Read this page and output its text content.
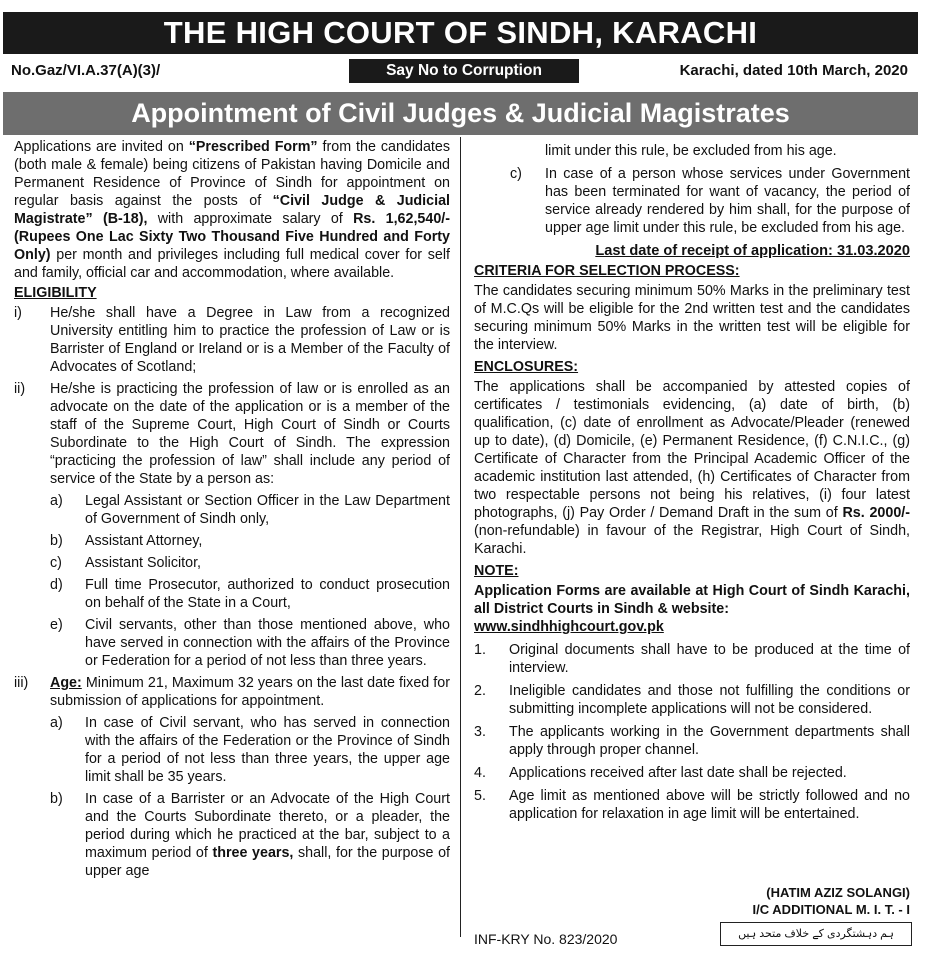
THE HIGH COURT OF SINDH, KARACHI
No.Gaz/VI.A.37(A)(3)/	Say No to Corruption	Karachi, dated 10th March, 2020
Appointment of Civil Judges & Judicial Magistrates

Applications are invited on “Prescribed Form” from the candidates (both male & female) being citizens of Pakistan having Domicile and Permanent Residence of Province of Sindh for appointment on regular basis against the posts of “Civil Judge & Judicial Magistrate” (B-18), with approximate salary of Rs. 1,62,540/- (Rupees One Lac Sixty Two Thousand Five Hundred and Forty Only) per month and privileges including full medical cover for self and family, official car and accommodation, where available.

ELIGIBILITY

i) He/she shall have a Degree in Law from a recognized University entitling him to practice the profession of Law or is Barrister of England or Ireland or is a Member of the Faculty of Advocates of Scotland;
ii) He/she is practicing the profession of law or is enrolled as an advocate on the date of the application or is a member of the staff of the Supreme Court, High Court of Sindh or Courts Subordinate to the High Court of Sindh. The expression “practicing the profession of law” shall include any period of service of the State by a person as:
a) Legal Assistant or Section Officer in the Law Department of Government of Sindh only,
b) Assistant Attorney,
c) Assistant Solicitor,
d) Full time Prosecutor, authorized to conduct prosecution on behalf of the State in a Court,
e) Civil servants, other than those mentioned above, who have served in connection with the affairs of the Province or Federation for a period of not less than three years.
iii) Age: Minimum 21, Maximum 32 years on the last date fixed for submission of applications for appointment.
a) In case of Civil servant, who has served in connection with the affairs of the Federation or the Province of Sindh for a period of not less than three years, the upper age limit shall be 35 years.
b) In case of a Barrister or an Advocate of the High Court and the Courts Subordinate thereto, or a pleader, the period during which he practiced at the bar, subject to a maximum period of three years, shall, for the purpose of upper age

limit under this rule, be excluded from his age.

c) In case of a person whose services under Government has been terminated for want of vacancy, the period of service already rendered by him shall, for the purpose of upper age limit under this rule, be excluded from his age.

Last date of receipt of application: 31.03.2020

CRITERIA FOR SELECTION PROCESS:

The candidates securing minimum 50% Marks in the preliminary test of M.C.Qs will be eligible for the 2nd written test and the candidates securing minimum 50% Marks in the written test will be eligible for the interview.

ENCLOSURES:

The applications shall be accompanied by attested copies of certificates / testimonials evidencing, (a) date of birth, (b) qualification, (c) date of enrollment as Advocate/Pleader (renewed up to date), (d) Domicile, (e) Permanent Residence, (f) C.N.I.C., (g) Certificate of Character from the Principal Academic Officer of the academic institution last attended, (h) Certificates of Character from two respectable persons not being his relatives, (i) four latest photographs, (j) Pay Order / Demand Draft in the sum of Rs. 2000/- (non-refundable) in favour of the Registrar, High Court of Sindh, Karachi.

NOTE:

Application Forms are available at High Court of Sindh Karachi, all District Courts in Sindh & website:

www.sindhhighcourt.gov.pk

1. Original documents shall have to be produced at the time of interview.
2. Ineligible candidates and those not fulfilling the conditions or submitting incomplete applications will not be considered.
3. The applicants working in the Government departments shall apply through proper channel.
4. Applications received after last date shall be rejected.
5. Age limit as mentioned above will be strictly followed and no application for relaxation in age limit will be entertained.
(HATIM AZIZ SOLANGI)
I/C ADDITIONAL M. I. T. - I
INF-KRY No. 823/2020	ہم دہشتگردی کے خلاف متحد ہیں
